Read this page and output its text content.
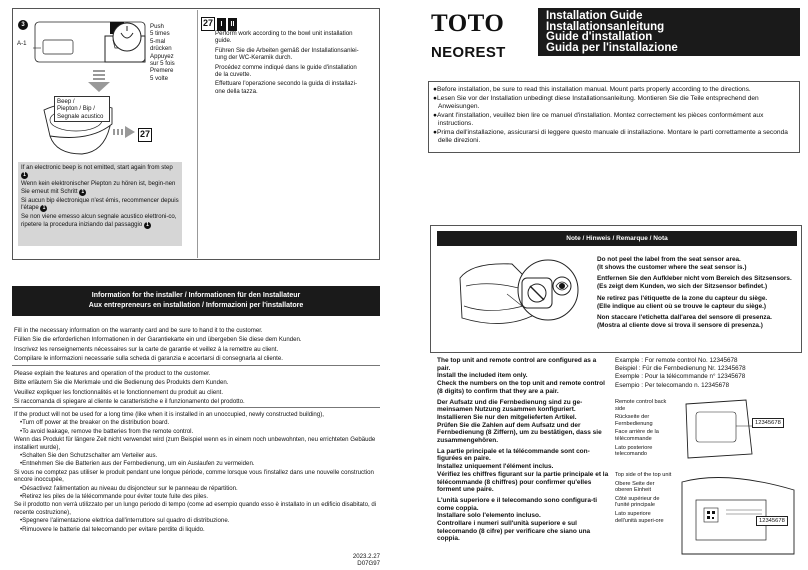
3
A-1
Push
5 times
5-mal
drücken
Appuyez
sur 5 fois
Premere
5 volte
Beep /
Piepton / Bip /
Segnale acustico
27
If an electronic beep is not emitted, start again from step 1
Wenn kein elektronischer Piepton zu hören ist, begin-nen Sie erneut mit Schritt 1
Si aucun bip électronique n'est émis, recommencer depuis l'étape 1
Se non viene emesso alcun segnale acustico elettroni-co, ripetere la procedura iniziando dal passaggio 1
27 I II
Perform work according to the bowl unit installation guide.
Führen Sie die Arbeiten gemäß der Installationsanlei-tung der WC-Keramik durch.
Procédez comme indiqué dans le guide d'installation de la cuvette.
Effettuare l'operazione secondo la guida di installazi-one della tazza.
Information for the installer / Informationen für den Installateur
Aux entrepreneurs en installation / Informazioni per l'installatore
Fill in the necessary information on the warranty card and be sure to hand it to the customer.
Füllen Sie die erforderlichen Informationen in der Garantiekarte ein und übergeben Sie diese dem Kunden.
Inscrivez les renseignements nécessaires sur la carte de garantie et veillez à la remettre au client.
Compilare le informazioni necessarie sulla scheda di garanzia e accertarsi di consegnarla al cliente.
Please explain the features and operation of the product to the customer.
Bitte erläutern Sie die Merkmale und die Bedienung des Produkts dem Kunden.
Veuillez expliquer les fonctionnalités et le fonctionnement du produit au client.
Si raccomanda di spiegare al cliente le caratteristiche e il funzionamento del prodotto.
If the product will not be used for a long time (like when it is installed in an unoccupied, newly constructed building),
•Turn off power at the breaker on the distribution board.
•To avoid leakage, remove the batteries from the remote control.
Wenn das Produkt für längere Zeit nicht verwendet wird (zum Beispiel wenn es in einem noch unbewohnten, neu errichteten Gebäude installiert wurde),
•Schalten Sie den Schutzschalter am Verteiler aus.
•Entnehmen Sie die Batterien aus der Fernbedienung, um ein Auslaufen zu vermeiden.
Si vous ne comptez pas utiliser le produit pendant une longue période, comme lorsque vous l'installez dans une nouvelle construction encore inoccupée,
•Désactivez l'alimentation au niveau du disjoncteur sur le panneau de répartition.
•Retirez les piles de la télécommande pour éviter toute fuite des piles.
Se il prodotto non verrà utilizzato per un lungo periodo di tempo (come ad esempio quando esso è installato in un edificio disabitato, di recente costruzione),
•Spegnere l'alimentazione elettrica dall'interruttore sul quadro di distribuzione.
•Rimuovere le batterie dal telecomando per evitare perdite di liquido.
2023.2.27
D07G97
TOTO
NEOREST
Installation Guide
Installationsanleitung
Guide d'installation
Guida per l'installazione
●Before installation, be sure to read this installation manual. Mount parts properly according to the directions.
●Lesen Sie vor der Installation unbedingt diese Installationsanleitung. Montieren Sie die Teile entsprechend den Anweisungen.
●Avant l'installation, veuillez bien lire ce manuel d'installation. Montez correctement les pièces conformément aux instructions.
●Prima dell'installazione, assicurarsi di leggere questo manuale di installazione. Montare le parti correttamente a seconda delle direzioni.
Note / Hinweis / Remarque / Nota
Do not peel the label from the seat sensor area.
(It shows the customer where the seat sensor is.)
Entfernen Sie den Aufkleber nicht vom Bereich des Sitzsensors.
(Es zeigt dem Kunden, wo sich der Sitzsensor befindet.)
Ne retirez pas l'étiquette de la zone du capteur du siège.
(Elle indique au client où se trouve le capteur du siège.)
Non staccare l'etichetta dall'area del sensore di presenza.
(Mostra al cliente dove si trova il sensore di presenza.)
The top unit and remote control are configured as a pair.
Install the included item only.
Check the numbers on the top unit and remote control (8 digits) to confirm that they are a pair.
Der Aufsatz und die Fernbedienung sind zu ge-meinsamen Nutzung zusammen konfiguriert.
Installieren Sie nur den mitgelieferten Artikel.
Prüfen Sie die Zahlen auf dem Aufsatz und der Fernbedienung (8 Ziffern), um zu bestätigen, dass sie zusammengehören.
La partie principale et la télécommande sont con-figurées en paire.
Installez uniquement l'élément inclus.
Vérifiez les chiffres figurant sur la partie principale et la télécommande (8 chiffres) pour confirmer qu'elles forment une paire.
L'unità superiore e il telecomando sono configura-ti come coppia.
Installare solo l'elemento incluso.
Controllare i numeri sull'unità superiore e sul telecomando (8 cifre) per verificare che siano una coppia.
Example : For remote control No. 12345678
Beispiel : Für die Fernbedienung Nr. 12345678
Exemple : Pour la télécommande n° 12345678
Esempio : Per telecomando n. 12345678
Remote control back side
Rückseite der Fernbedienung
Face arrière de la télécommande
Lato posteriore telecomando
12345678
Top side of the top unit
Obere Seite der oberen Einheit
Côté supérieur de l'unité principale
Lato superiore dell'unità superi-ore	12345678
